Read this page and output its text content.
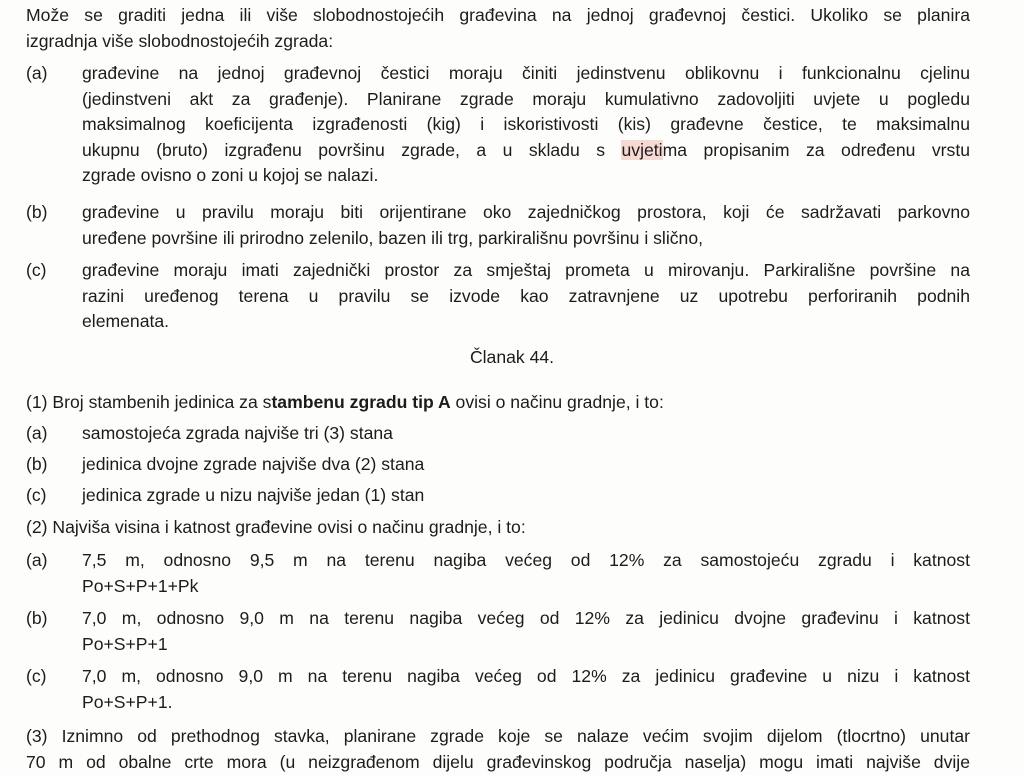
Može se graditi jedna ili više slobodnostojećih građevina na jednoj građevnoj čestici. Ukoliko se planira
izgradnja više slobodnostojećih zgrada:
(a) građevine na jednoj građevnoj čestici moraju činiti jedinstvenu oblikovnu i funkcionalnu cjelinu
(jedinstveni akt za građenje). Planirane zgrade moraju kumulativno zadovoljiti uvjete u pogledu
maksimalnog koeficijenta izgrađenosti (kig) i iskoristivosti (kis) građevne čestice, te maksimalnu
ukupnu (bruto) izgrađenu površinu zgrade, a u skladu s uvjetima propisanim za određenu vrstu
zgrade ovisno o zoni u kojoj se nalazi.
(b) građevine u pravilu moraju biti orijentirane oko zajedničkog prostora, koji će sadržavati parkovno
uređene površine ili prirodno zelenilo, bazen ili trg, parkirališnu površinu i slično,
(c) građevine moraju imati zajednički prostor za smještaj prometa u mirovanju. Parkirališne površine na
razini uređenog terena u pravilu se izvode kao zatravnjene uz upotrebu perforiranih podnih
elemenata.
Članak 44.
(1) Broj stambenih jedinica za stambenu zgradu tip A ovisi o načinu gradnje, i to:
(a) samostojeća zgrada najviše tri (3) stana
(b) jedinica dvojne zgrade najviše dva (2) stana
(c) jedinica zgrade u nizu najviše jedan (1) stan
(2) Najviša visina i katnost građevine ovisi o načinu gradnje, i to:
(a) 7,5 m, odnosno 9,5 m na terenu nagiba većeg od 12% za samostojeću zgradu i katnost
Po+S+P+1+Pk
(b) 7,0 m, odnosno 9,0 m na terenu nagiba većeg od 12% za jedinicu dvojne građevinu i katnost
Po+S+P+1
(c) 7,0 m, odnosno 9,0 m na terenu nagiba većeg od 12% za jedinicu građevine u nizu i katnost
Po+S+P+1.
(3) Iznimno od prethodnog stavka, planirane zgrade koje se nalaze većim svojim dijelom (tlocrtno) unutar
70 m od obalne crte mora (u neizgrađenom dijelu građevinskog područja naselja) mogu imati najviše dvije
